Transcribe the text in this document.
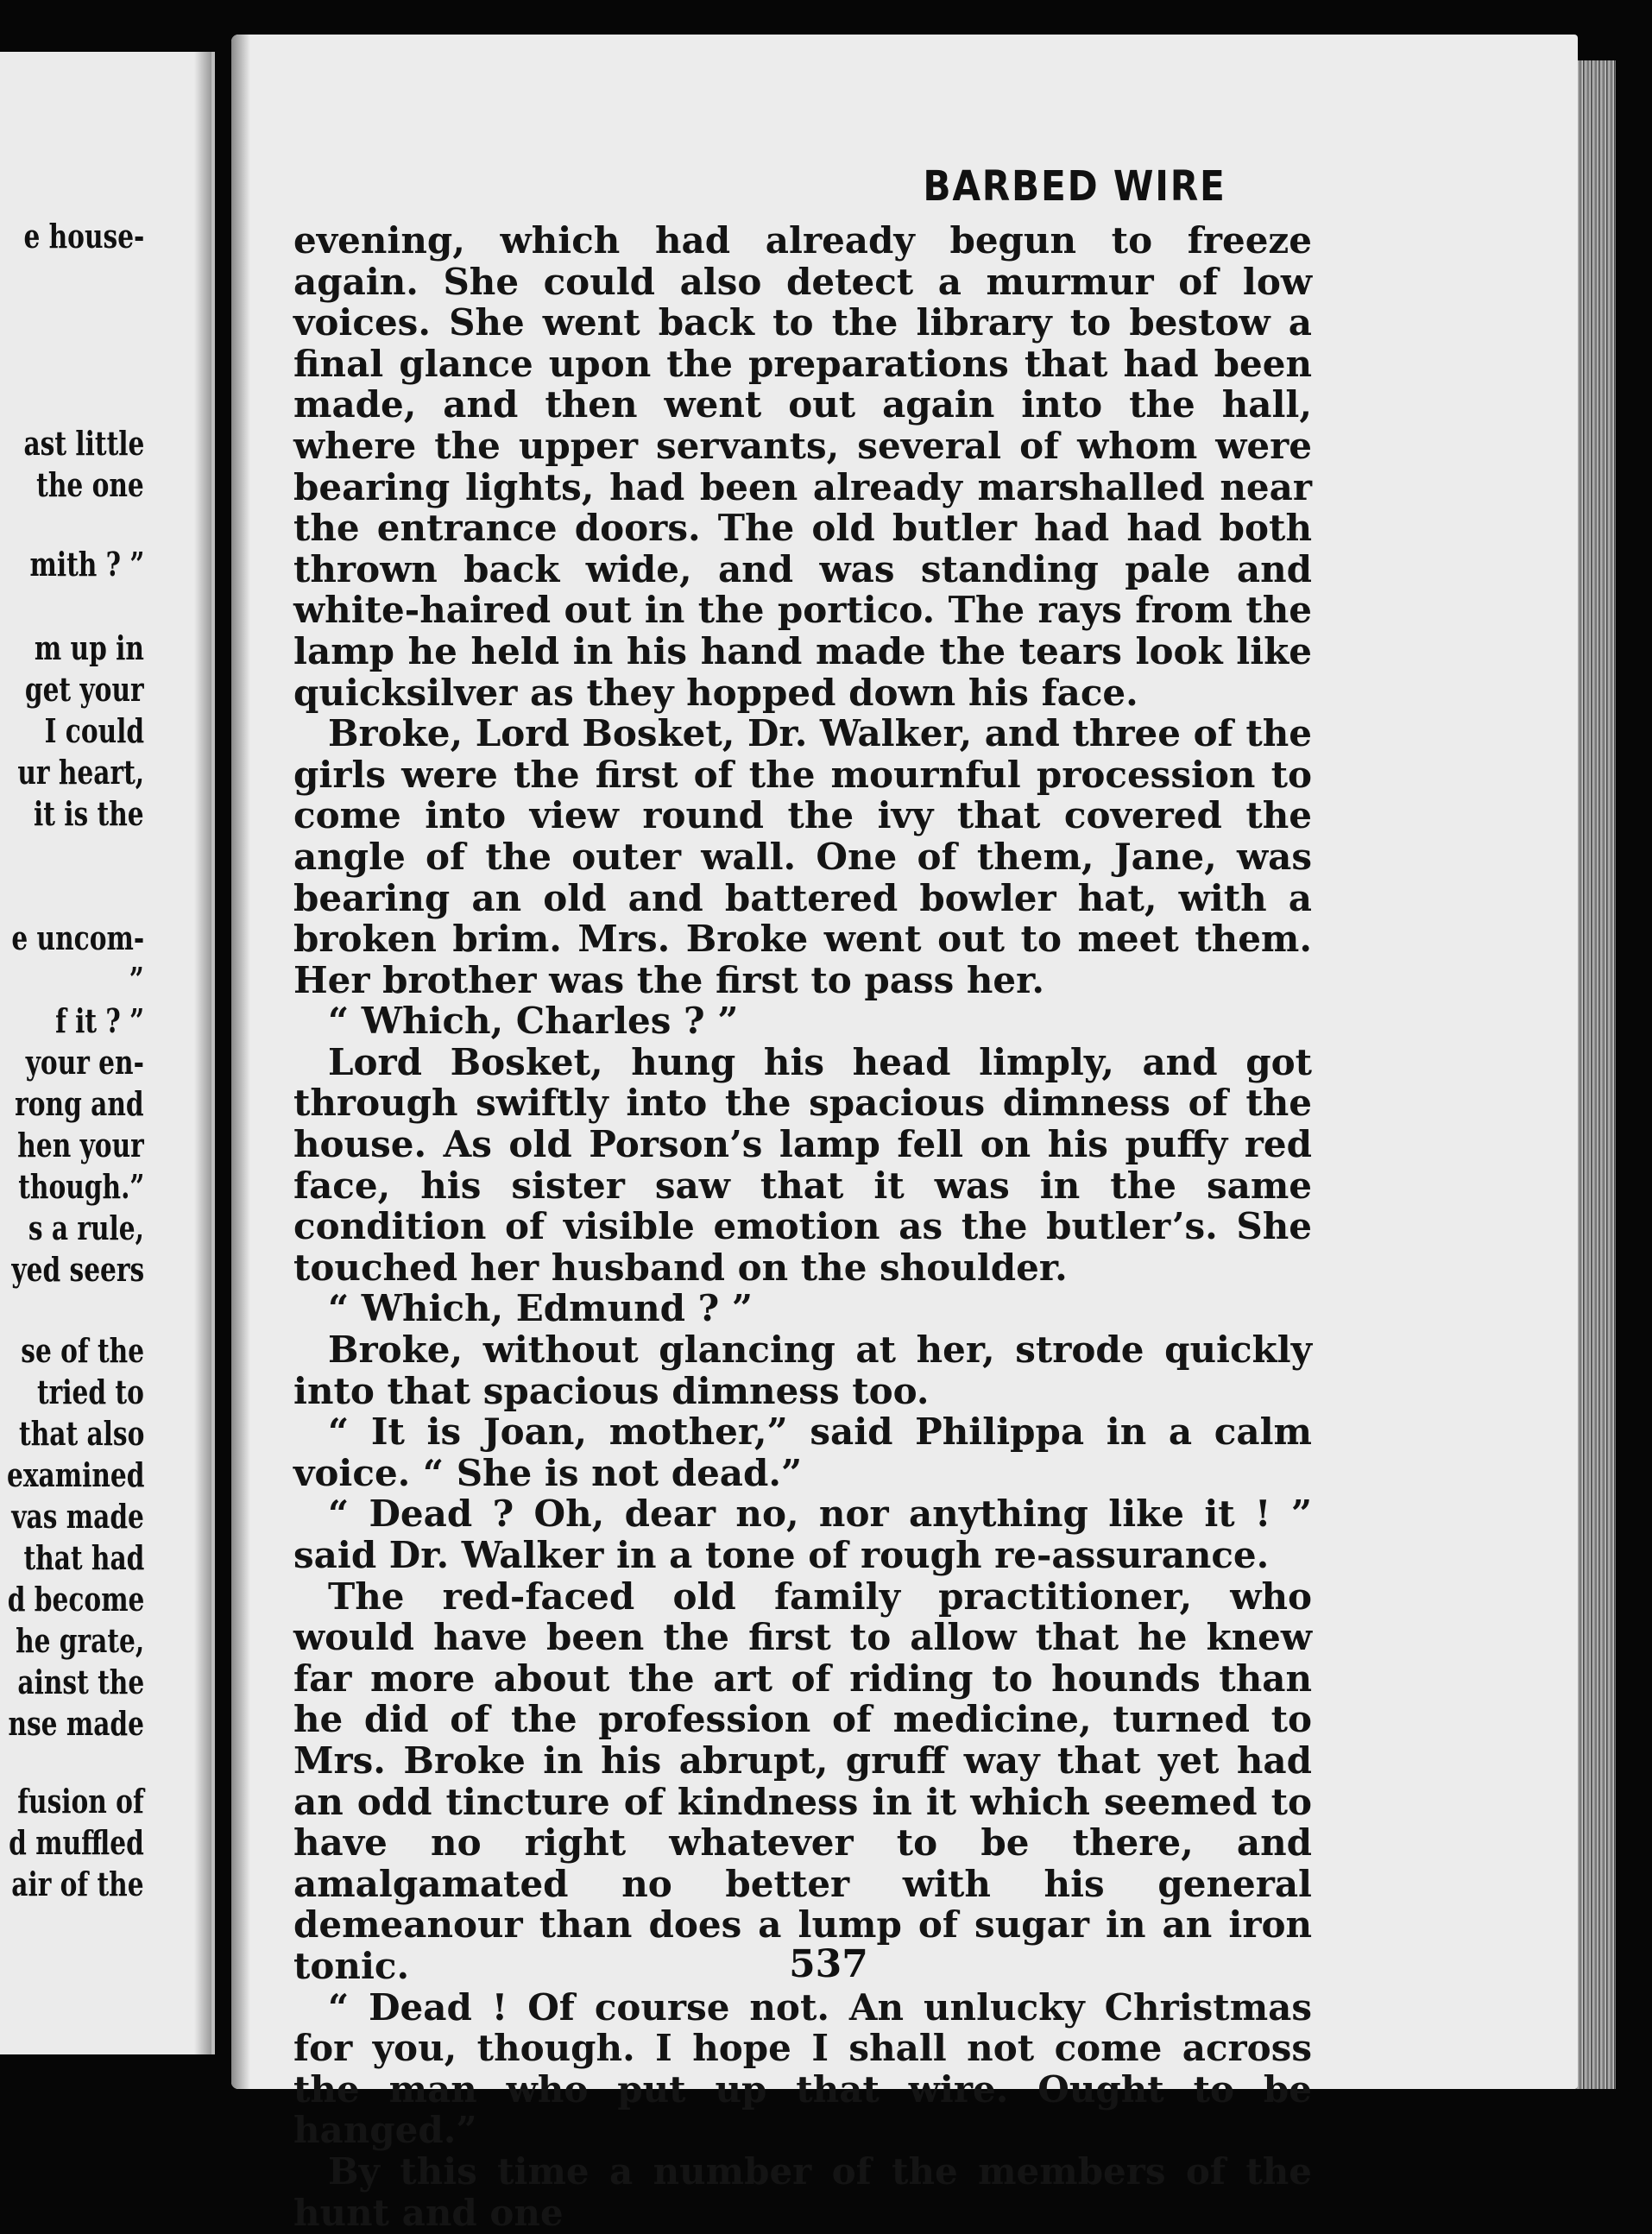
e house-
ast little
the one
mith ? ”
m up in
get your
I could
ur heart,
it is the
e uncom-
”
f it ? ”
your en-
rong and
hen your
though.”
s a rule,
yed seers
se of the
tried to
that also
examined
vas made
that had
d become
he grate,
ainst the
nse made
fusion of
d muffled
air of the
BARBED WIRE

evening, which had already begun to freeze again. She could also detect a murmur of low voices. She went back to the library to bestow a final glance upon the preparations that had been made, and then went out again into the hall, where the upper servants, several of whom were bearing lights, had been already marshalled near the entrance doors. The old butler had had both thrown back wide, and was standing pale and white-haired out in the portico. The rays from the lamp he held in his hand made the tears look like quicksilver as they hopped down his face.

Broke, Lord Bosket, Dr. Walker, and three of the girls were the first of the mournful procession to come into view round the ivy that covered the angle of the outer wall. One of them, Jane, was bearing an old and battered bowler hat, with a broken brim. Mrs. Broke went out to meet them. Her brother was the first to pass her.

“ Which, Charles ? ”

Lord Bosket, hung his head limply, and got through swiftly into the spacious dimness of the house. As old Porson’s lamp fell on his puffy red face, his sister saw that it was in the same condition of visible emotion as the butler’s. She touched her husband on the shoulder.

“ Which, Edmund ? ”

Broke, without glancing at her, strode quickly into that spacious dimness too.

“ It is Joan, mother,” said Philippa in a calm voice. “ She is not dead.”

“ Dead ? Oh, dear no, nor anything like it ! ” said Dr. Walker in a tone of rough re-assurance.

The red-faced old family practitioner, who would have been the first to allow that he knew far more about the art of riding to hounds than he did of the profession of medicine, turned to Mrs. Broke in his abrupt, gruff way that yet had an odd tincture of kindness in it which seemed to have no right whatever to be there, and amalgamated no better with his general demeanour than does a lump of sugar in an iron tonic.

“ Dead ! Of course not. An unlucky Christmas for you, though. I hope I shall not come across the man who put up that wire. Ought to be hanged.”

By this time a number of the members of the hunt and one

537
